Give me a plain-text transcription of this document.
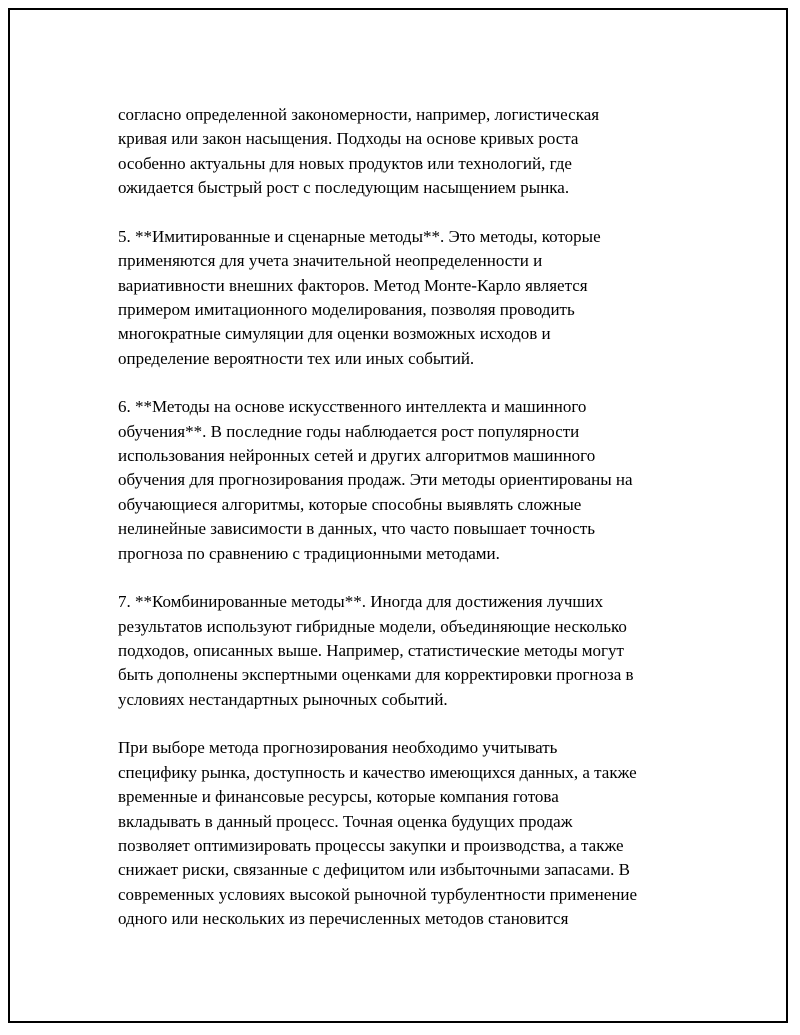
согласно определенной закономерности, например, логистическая
кривая или закон насыщения. Подходы на основе кривых роста
особенно актуальны для новых продуктов или технологий, где
ожидается быстрый рост с последующим насыщением рынка.

5. **Имитированные и сценарные методы**. Это методы, которые
применяются для учета значительной неопределенности и
вариативности внешних факторов. Метод Монте-Карло является
примером имитационного моделирования, позволяя проводить
многократные симуляции для оценки возможных исходов и
определение вероятности тех или иных событий.

6. **Методы на основе искусственного интеллекта и машинного
обучения**. В последние годы наблюдается рост популярности
использования нейронных сетей и других алгоритмов машинного
обучения для прогнозирования продаж. Эти методы ориентированы на
обучающиеся алгоритмы, которые способны выявлять сложные
нелинейные зависимости в данных, что часто повышает точность
прогноза по сравнению с традиционными методами.

7. **Комбинированные методы**. Иногда для достижения лучших
результатов используют гибридные модели, объединяющие несколько
подходов, описанных выше. Например, статистические методы могут
быть дополнены экспертными оценками для корректировки прогноза в
условиях нестандартных рыночных событий.

При выборе метода прогнозирования необходимо учитывать
специфику рынка, доступность и качество имеющихся данных, а также
временные и финансовые ресурсы, которые компания готова
вкладывать в данный процесс. Точная оценка будущих продаж
позволяет оптимизировать процессы закупки и производства, а также
снижает риски, связанные с дефицитом или избыточными запасами. В
современных условиях высокой рыночной турбулентности применение
одного или нескольких из перечисленных методов становится
